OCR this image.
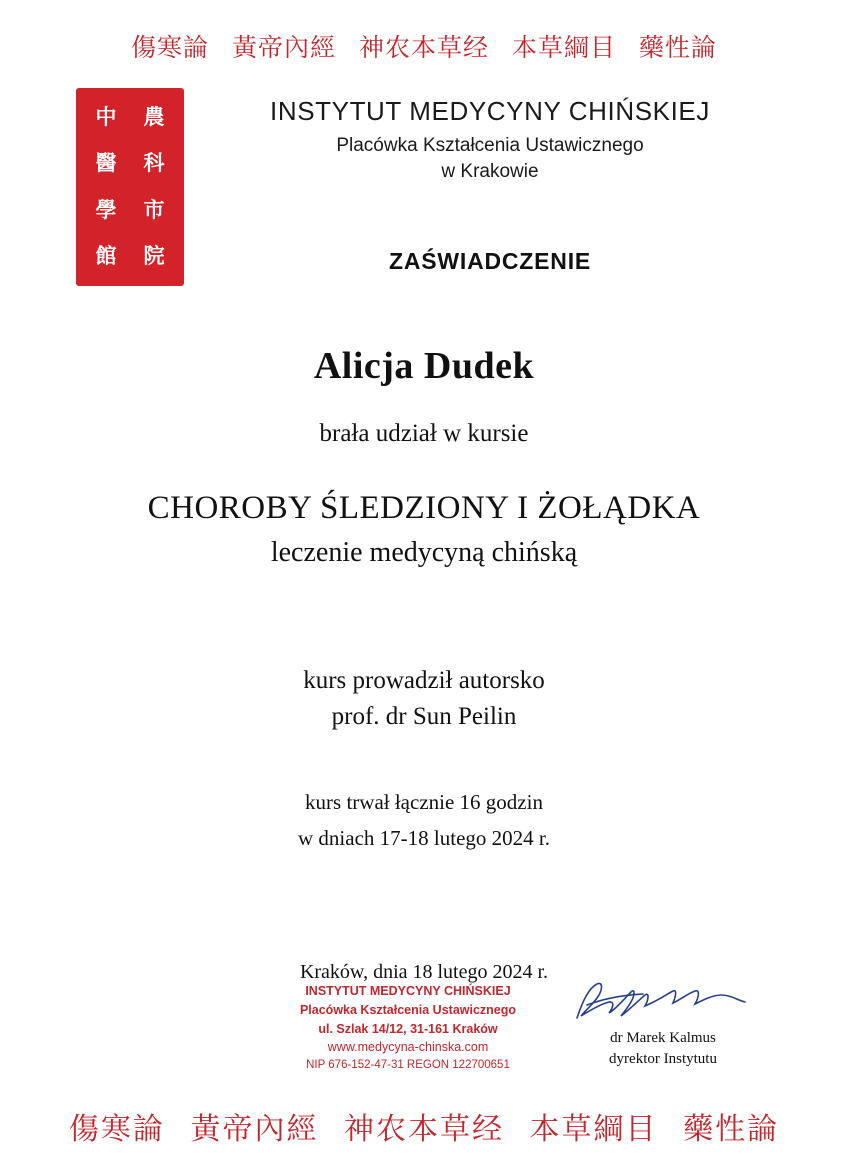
傷寒論 黃帝內經 神农本草经 本草綱目 藥性論
中	農
醫	科
學	市
館	院
INSTYTUT MEDYCYNY CHIŃSKIEJ
Placówka Kształcenia Ustawicznego
w Krakowie
ZAŚWIADCZENIE
Alicja Dudek
brała udział w kursie
CHOROBY ŚLEDZIONY I ŻOŁĄDKA
leczenie medycyną chińską
kurs prowadził autorsko
prof. dr Sun Peilin
kurs trwał łącznie 16 godzin
w dniach 17-18 lutego 2024 r.
Kraków, dnia 18 lutego 2024 r.
INSTYTUT MEDYCYNY CHIŃSKIEJ
Placówka Kształcenia Ustawicznego
ul. Szlak 14/12, 31-161 Kraków
www.medycyna-chinska.com
NIP 676-152-47-31 REGON 122700651
dr Marek Kalmus
dyrektor Instytutu
傷寒論 黃帝內經 神农本草经 本草綱目 藥性論
